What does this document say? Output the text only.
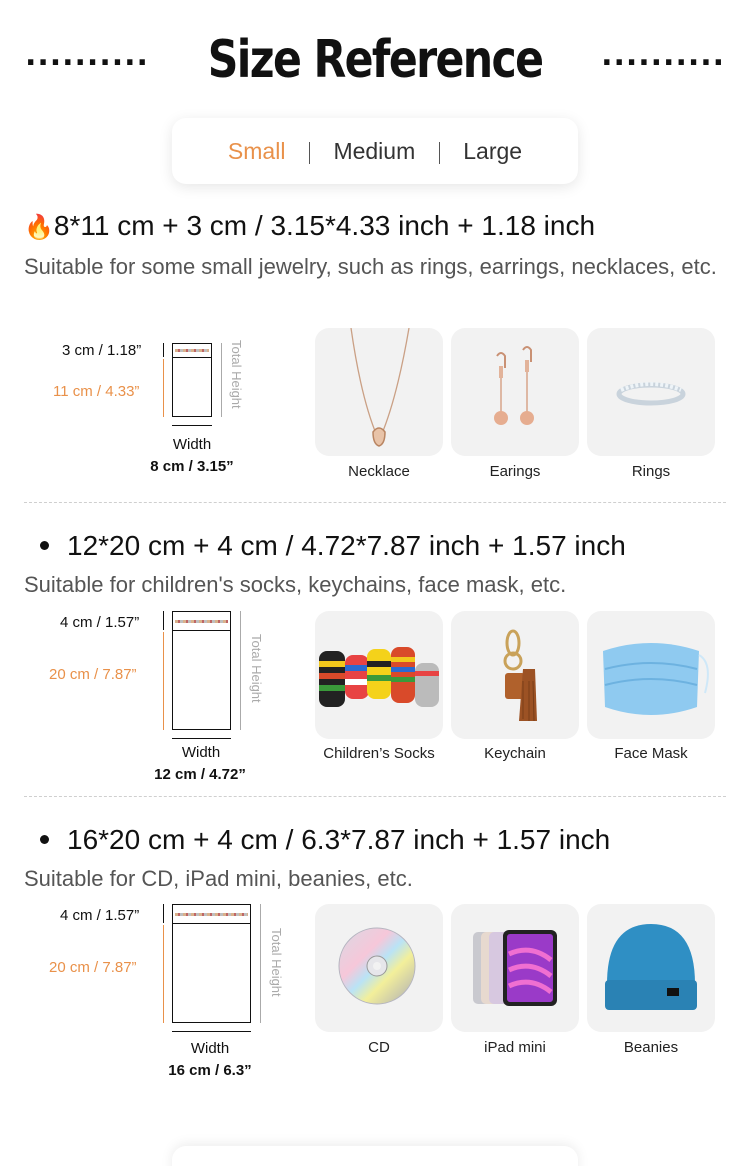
.......... Size Reference ..........
Small	Medium	Large
🔥8*11 cm + 3 cm / 3.15*4.33 inch + 1.18 inch
Suitable for some small jewelry, such as rings, earrings, necklaces, etc.
3 cm / 1.18”
11 cm / 4.33”	Total Height
Width
8 cm / 3.15”	Necklace	Earings	Rings
12*20 cm + 4 cm / 4.72*7.87 inch + 1.57 inch
Suitable for children's socks, keychains, face mask, etc.
4 cm / 1.57”
20 cm / 7.87”	Total Height
Width
12 cm / 4.72”
Children’s Socks	Keychain	Face Mask
16*20 cm + 4 cm / 6.3*7.87 inch + 1.57 inch
Suitable for CD, iPad mini, beanies, etc.
4 cm / 1.57”
20 cm / 7.87”	Total Height
Width
16 cm / 6.3”
CD	iPad mini	Beanies
